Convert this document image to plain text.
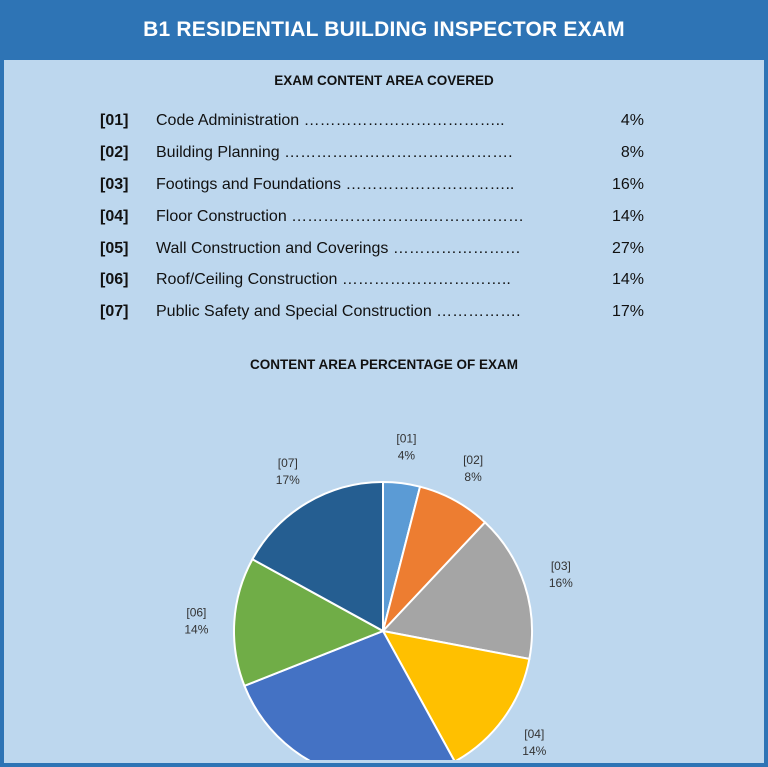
B1 RESIDENTIAL BUILDING INSPECTOR EXAM
EXAM CONTENT AREA COVERED
[01] Code Administration ………………………………..	4%
[02] Building Planning …………………………………….	8%
[03] Footings and Foundations …………………………..	16%
[04] Floor Construction ……………………..………………	14%
[05] Wall Construction and Coverings ……………………	27%
[06] Roof/Ceiling Construction …………………………..	14%
[07] Public Safety and Special Construction …………….	17%
CONTENT AREA PERCENTAGE OF EXAM
[01]
4%	[02]
8%
[03]
16%
[04]
14%
[06]
14%
[07]
17%
